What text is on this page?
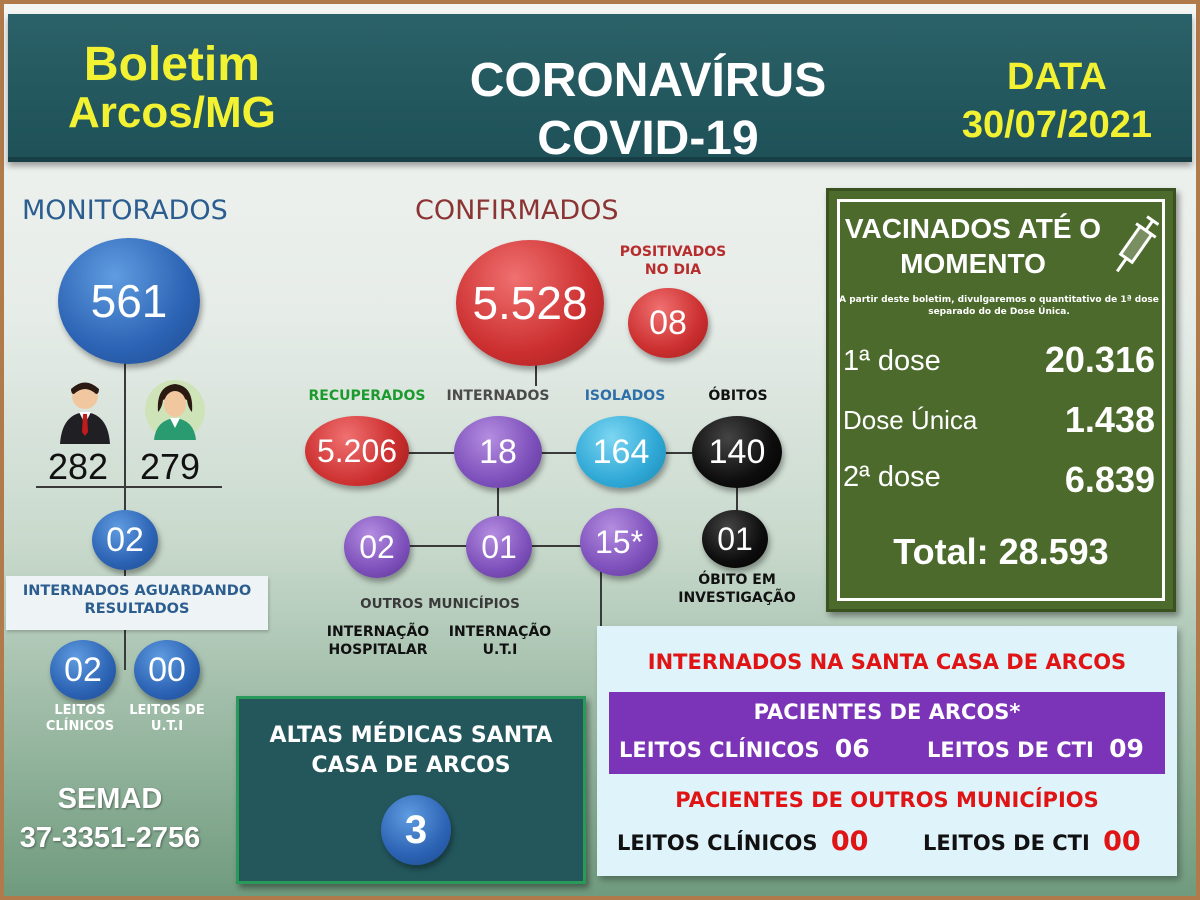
Boletim
Arcos/MG
CORONAVÍRUS
COVID-19
DATA
30/07/2021
MONITORADOS
561
282 279
02
INTERNADOS AGUARDANDO RESULTADOS
02	00
LEITOS CLÍNICOS
LEITOS DE U.T.I
SEMAD
37-3351-2756
CONFIRMADOS
5.528
POSITIVADOS NO DIA
08
RECUPERADOS	INTERNADOS	ISOLADOS	ÓBITOS
5.206	18	164	140
02	01	15*	01
OUTROS MUNICÍPIOS
INTERNAÇÃO HOSPITALAR
INTERNAÇÃO U.T.I
ÓBITO EM INVESTIGAÇÃO
VACINADOS ATÉ O MOMENTO
A partir deste boletim, divulgaremos o quantitativo de 1ª dose separado do de Dose Única.
1ª dose	20.316
Dose Única 1.438
2ª dose	6.839
Total: 28.593
ALTAS MÉDICAS SANTA CASA DE ARCOS
3
INTERNADOS NA SANTA CASA DE ARCOS
PACIENTES DE ARCOS*
LEITOS CLÍNICOS 06	LEITOS DE CTI 09
PACIENTES DE OUTROS MUNICÍPIOS
LEITOS CLÍNICOS 00	LEITOS DE CTI 00
